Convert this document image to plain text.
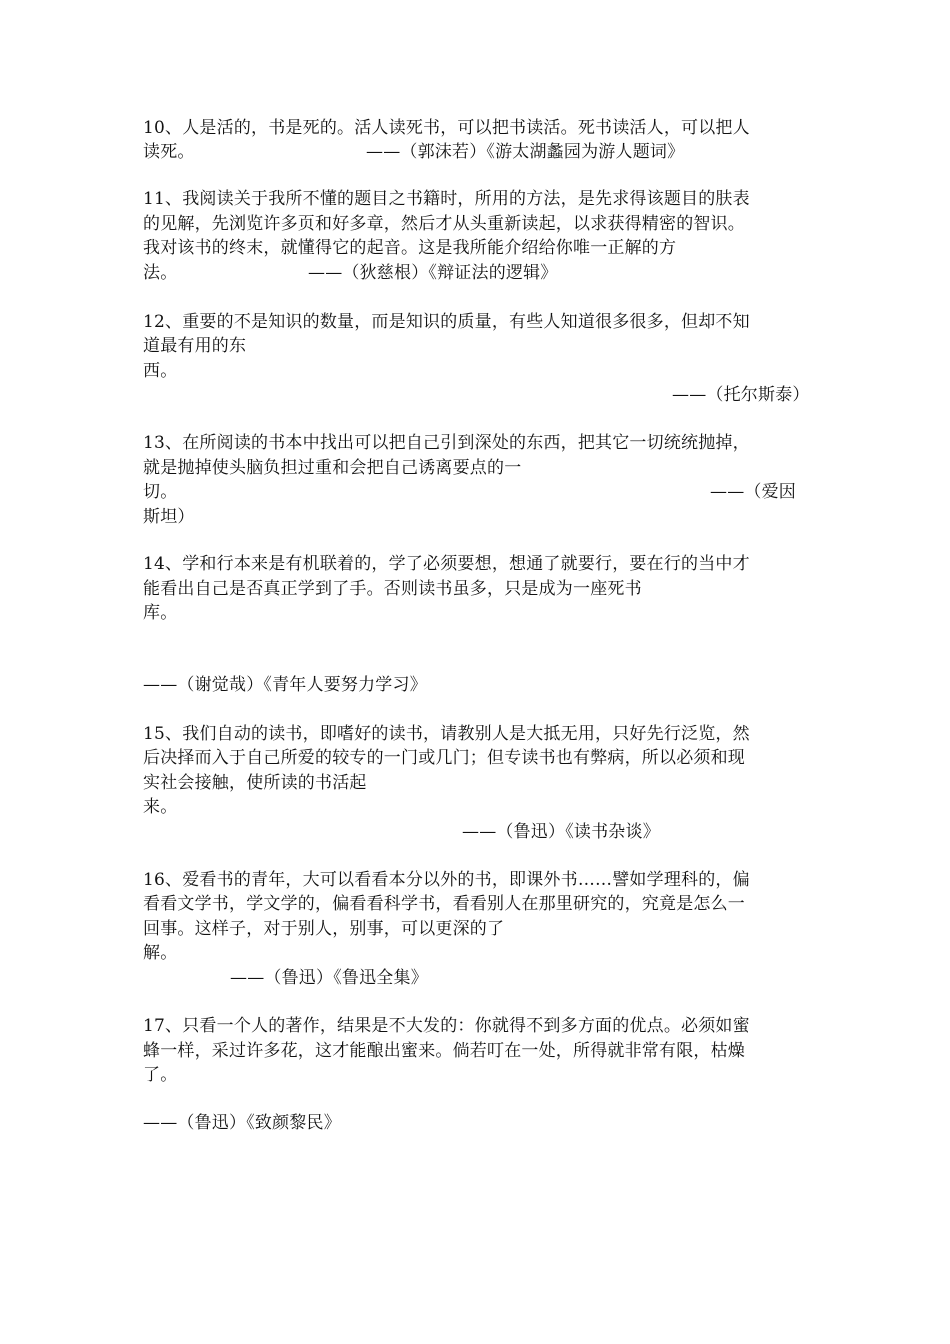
10、人是活的，书是死的。活人读死书，可以把书读活。死书读活人，可以把人
读死。	——（郭沫若）《游太湖蠡园为游人题词》
11、我阅读关于我所不懂的题目之书籍时，所用的方法，是先求得该题目的肤表
的见解，先浏览许多页和好多章，然后才从头重新读起，以求获得精密的智识。
我对该书的终末，就懂得它的起音。这是我所能介绍给你唯一正解的方
法。	——（狄慈根）《辩证法的逻辑》
12、重要的不是知识的数量，而是知识的质量，有些人知道很多很多，但却不知
道最有用的东
西。
——（托尔斯泰）
13、在所阅读的书本中找出可以把自己引到深处的东西，把其它一切统统抛掉，
就是抛掉使头脑负担过重和会把自己诱离要点的一
切。	——（爱因
斯坦）
14、学和行本来是有机联着的，学了必须要想，想通了就要行，要在行的当中才
能看出自己是否真正学到了手。否则读书虽多，只是成为一座死书
库。
——（谢觉哉）《青年人要努力学习》
15、我们自动的读书，即嗜好的读书，请教别人是大抵无用，只好先行泛览，然
后决择而入于自己所爱的较专的一门或几门；但专读书也有弊病，所以必须和现
实社会接触，使所读的书活起
来。
——（鲁迅）《读书杂谈》
16、爱看书的青年，大可以看看本分以外的书，即课外书……譬如学理科的，偏
看看文学书，学文学的，偏看看科学书，看看别人在那里研究的，究竟是怎么一
回事。这样子，对于别人，别事，可以更深的了
解。
——（鲁迅）《鲁迅全集》
17、只看一个人的著作，结果是不大发的：你就得不到多方面的优点。必须如蜜
蜂一样，采过许多花，这才能酿出蜜来。倘若叮在一处，所得就非常有限，枯燥
了。
——（鲁迅）《致颜黎民》
